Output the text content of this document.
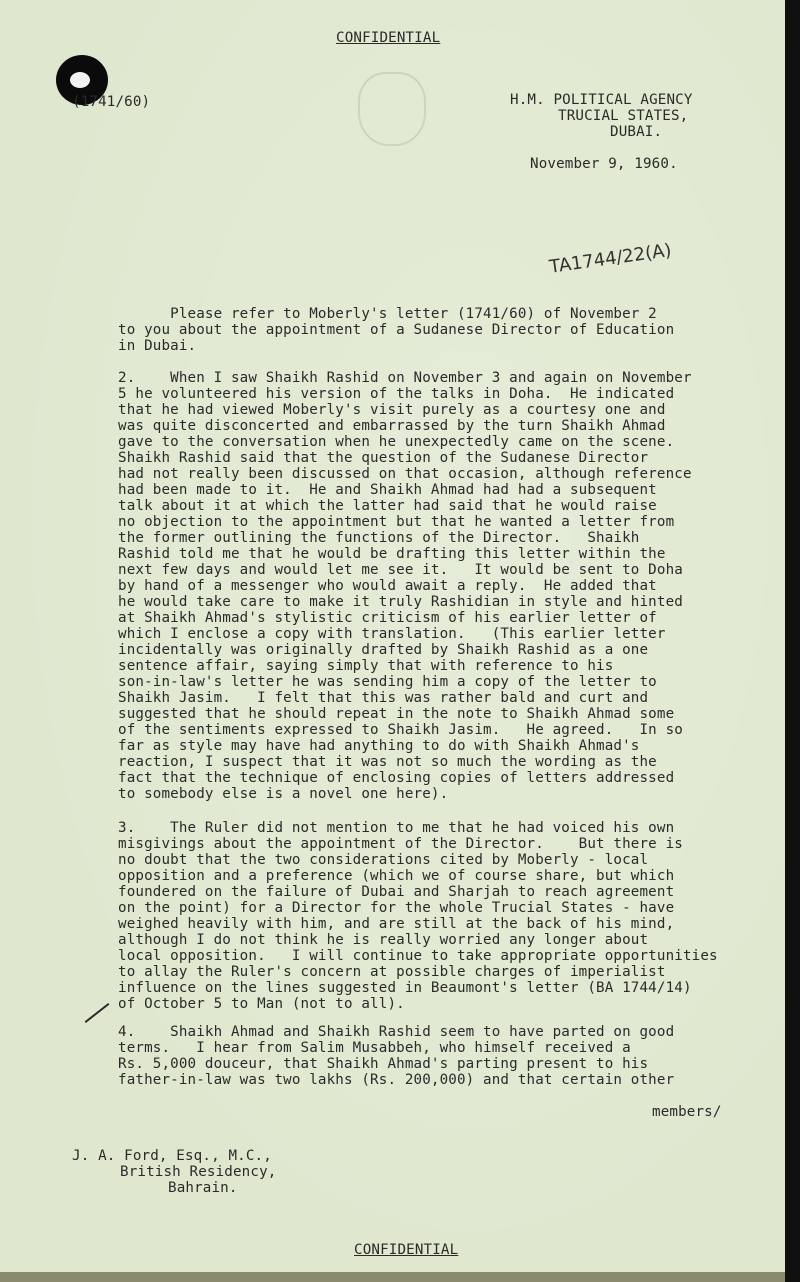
CONFIDENTIAL
(1741/60)	H.M. POLITICAL AGENCY
TRUCIAL STATES,
DUBAI.
November 9, 1960.
TA1744/22(A)
Please refer to Moberly's letter (1741/60) of November 2
to you about the appointment of a Sudanese Director of Education
in Dubai.
2.    When I saw Shaikh Rashid on November 3 and again on November
5 he volunteered his version of the talks in Doha.  He indicated
that he had viewed Moberly's visit purely as a courtesy one and
was quite disconcerted and embarrassed by the turn Shaikh Ahmad
gave to the conversation when he unexpectedly came on the scene.
Shaikh Rashid said that the question of the Sudanese Director
had not really been discussed on that occasion, although reference
had been made to it.  He and Shaikh Ahmad had had a subsequent
talk about it at which the latter had said that he would raise
no objection to the appointment but that he wanted a letter from
the former outlining the functions of the Director.   Shaikh
Rashid told me that he would be drafting this letter within the
next few days and would let me see it.   It would be sent to Doha
by hand of a messenger who would await a reply.  He added that
he would take care to make it truly Rashidian in style and hinted
at Shaikh Ahmad's stylistic criticism of his earlier letter of
which I enclose a copy with translation.   (This earlier letter
incidentally was originally drafted by Shaikh Rashid as a one
sentence affair, saying simply that with reference to his
son-in-law's letter he was sending him a copy of the letter to
Shaikh Jasim.   I felt that this was rather bald and curt and
suggested that he should repeat in the note to Shaikh Ahmad some
of the sentiments expressed to Shaikh Jasim.   He agreed.   In so
far as style may have had anything to do with Shaikh Ahmad's
reaction, I suspect that it was not so much the wording as the
fact that the technique of enclosing copies of letters addressed
to somebody else is a novel one here).
3.    The Ruler did not mention to me that he had voiced his own
misgivings about the appointment of the Director.    But there is
no doubt that the two considerations cited by Moberly - local
opposition and a preference (which we of course share, but which
foundered on the failure of Dubai and Sharjah to reach agreement
on the point) for a Director for the whole Trucial States - have
weighed heavily with him, and are still at the back of his mind,
although I do not think he is really worried any longer about
local opposition.   I will continue to take appropriate opportunities
to allay the Ruler's concern at possible charges of imperialist
influence on the lines suggested in Beaumont's letter (BA 1744/14)
of October 5 to Man (not to all).
4.    Shaikh Ahmad and Shaikh Rashid seem to have parted on good
terms.   I hear from Salim Musabbeh, who himself received a
Rs. 5,000 douceur, that Shaikh Ahmad's parting present to his
father-in-law was two lakhs (Rs. 200,000) and that certain other
members/
J. A. Ford, Esq., M.C.,
British Residency,
Bahrain.
CONFIDENTIAL
